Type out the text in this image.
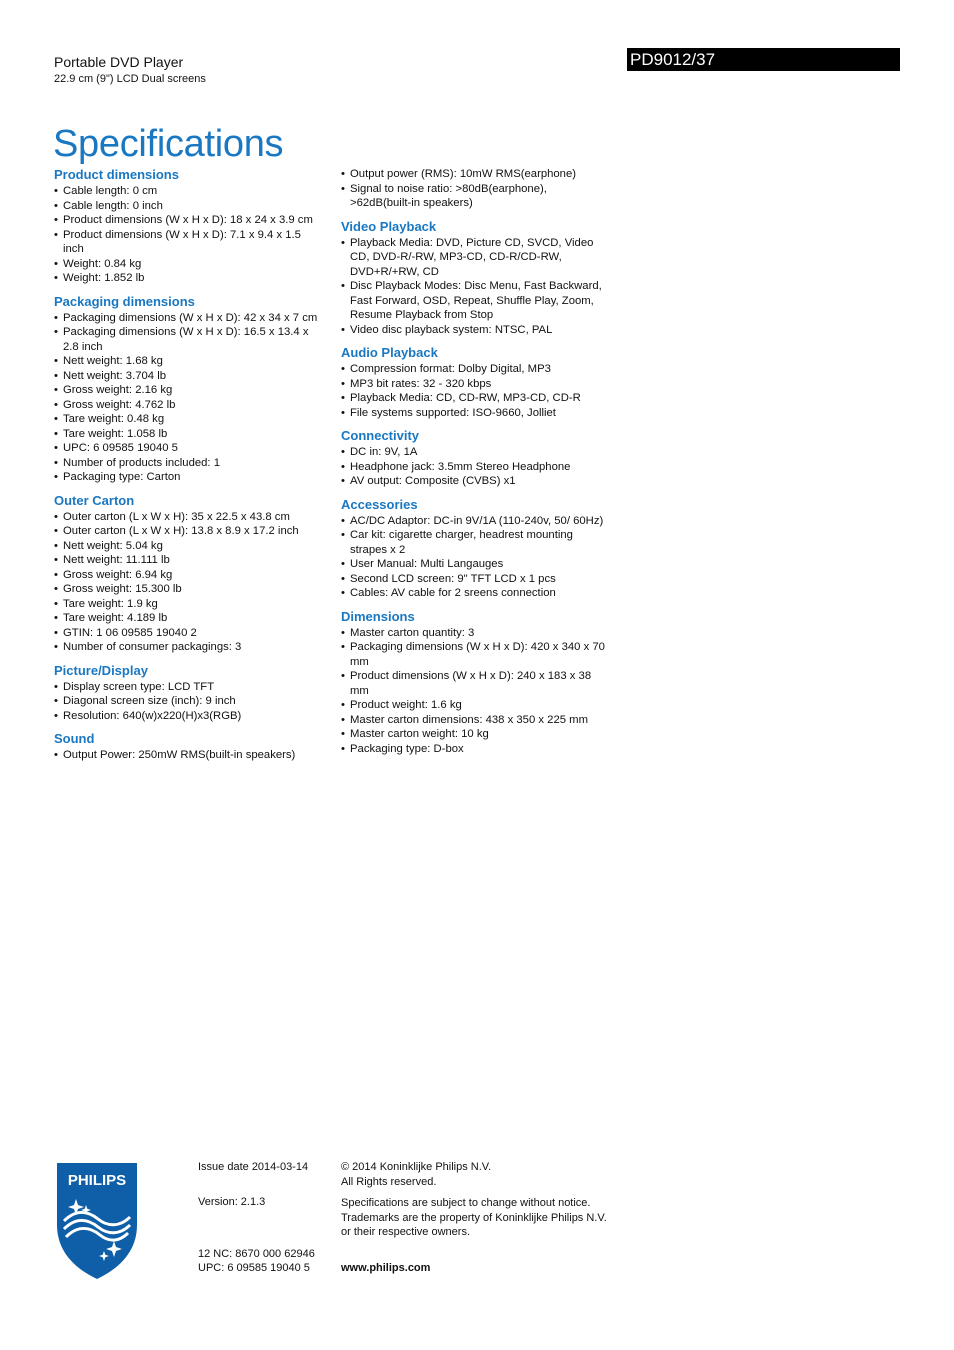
Portable DVD Player
22.9 cm (9") LCD Dual screens
Specifications
PD9012/37
Product dimensions
• Cable length: 0 cm
• Cable length: 0 inch
• Product dimensions (W x H x D): 18 x 24 x 3.9 cm
• Product dimensions (W x H x D): 7.1 x 9.4 x 1.5 inch
• Weight: 0.84 kg
• Weight: 1.852 lb
Packaging dimensions
• Packaging dimensions (W x H x D): 42 x 34 x 7 cm
• Packaging dimensions (W x H x D): 16.5 x 13.4 x 2.8 inch
• Nett weight: 1.68 kg
• Nett weight: 3.704 lb
• Gross weight: 2.16 kg
• Gross weight: 4.762 lb
• Tare weight: 0.48 kg
• Tare weight: 1.058 lb
• UPC: 6 09585 19040 5
• Number of products included: 1
• Packaging type: Carton
Outer Carton
• Outer carton (L x W x H): 35 x 22.5 x 43.8 cm
• Outer carton (L x W x H): 13.8 x 8.9 x 17.2 inch
• Nett weight: 5.04 kg
• Nett weight: 11.111 lb
• Gross weight: 6.94 kg
• Gross weight: 15.300 lb
• Tare weight: 1.9 kg
• Tare weight: 4.189 lb
• GTIN: 1 06 09585 19040 2
• Number of consumer packagings: 3
Picture/Display
• Display screen type: LCD TFT
• Diagonal screen size (inch): 9 inch
• Resolution: 640(w)x220(H)x3(RGB)
Sound
• Output Power: 250mW RMS(built-in speakers)
• Output power (RMS): 10mW RMS(earphone)
• Signal to noise ratio: >80dB(earphone), >62dB(built-in speakers)
Video Playback
• Playback Media: DVD, Picture CD, SVCD, Video CD, DVD-R/-RW, MP3-CD, CD-R/CD-RW, DVD+R/+RW, CD
• Disc Playback Modes: Disc Menu, Fast Backward, Fast Forward, OSD, Repeat, Shuffle Play, Zoom, Resume Playback from Stop
• Video disc playback system: NTSC, PAL
Audio Playback
• Compression format: Dolby Digital, MP3
• MP3 bit rates: 32 - 320 kbps
• Playback Media: CD, CD-RW, MP3-CD, CD-R
• File systems supported: ISO-9660, Jolliet
Connectivity
• DC in: 9V, 1A
• Headphone jack: 3.5mm Stereo Headphone
• AV output: Composite (CVBS) x1
Accessories
• AC/DC Adaptor: DC-in 9V/1A (110-240v, 50/ 60Hz)
• Car kit: cigarette charger, headrest mounting strapes x 2
• User Manual: Multi Langauges
• Second LCD screen: 9" TFT LCD x 1 pcs
• Cables: AV cable for 2 sreens connection
Dimensions
• Master carton quantity: 3
• Packaging dimensions (W x H x D): 420 x 340 x 70 mm
• Product dimensions (W x H x D): 240 x 183 x 38 mm
• Product weight: 1.6 kg
• Master carton dimensions: 438 x 350 x 225 mm
• Master carton weight: 10 kg
• Packaging type: D-box
PHILIPS
Issue date 2014-03-14
Version: 2.1.3
12 NC: 8670 000 62946
UPC: 6 09585 19040 5
© 2014 Koninklijke Philips N.V.
All Rights reserved.
Specifications are subject to change without notice.
Trademarks are the property of Koninklijke Philips N.V.
or their respective owners.
www.philips.com
